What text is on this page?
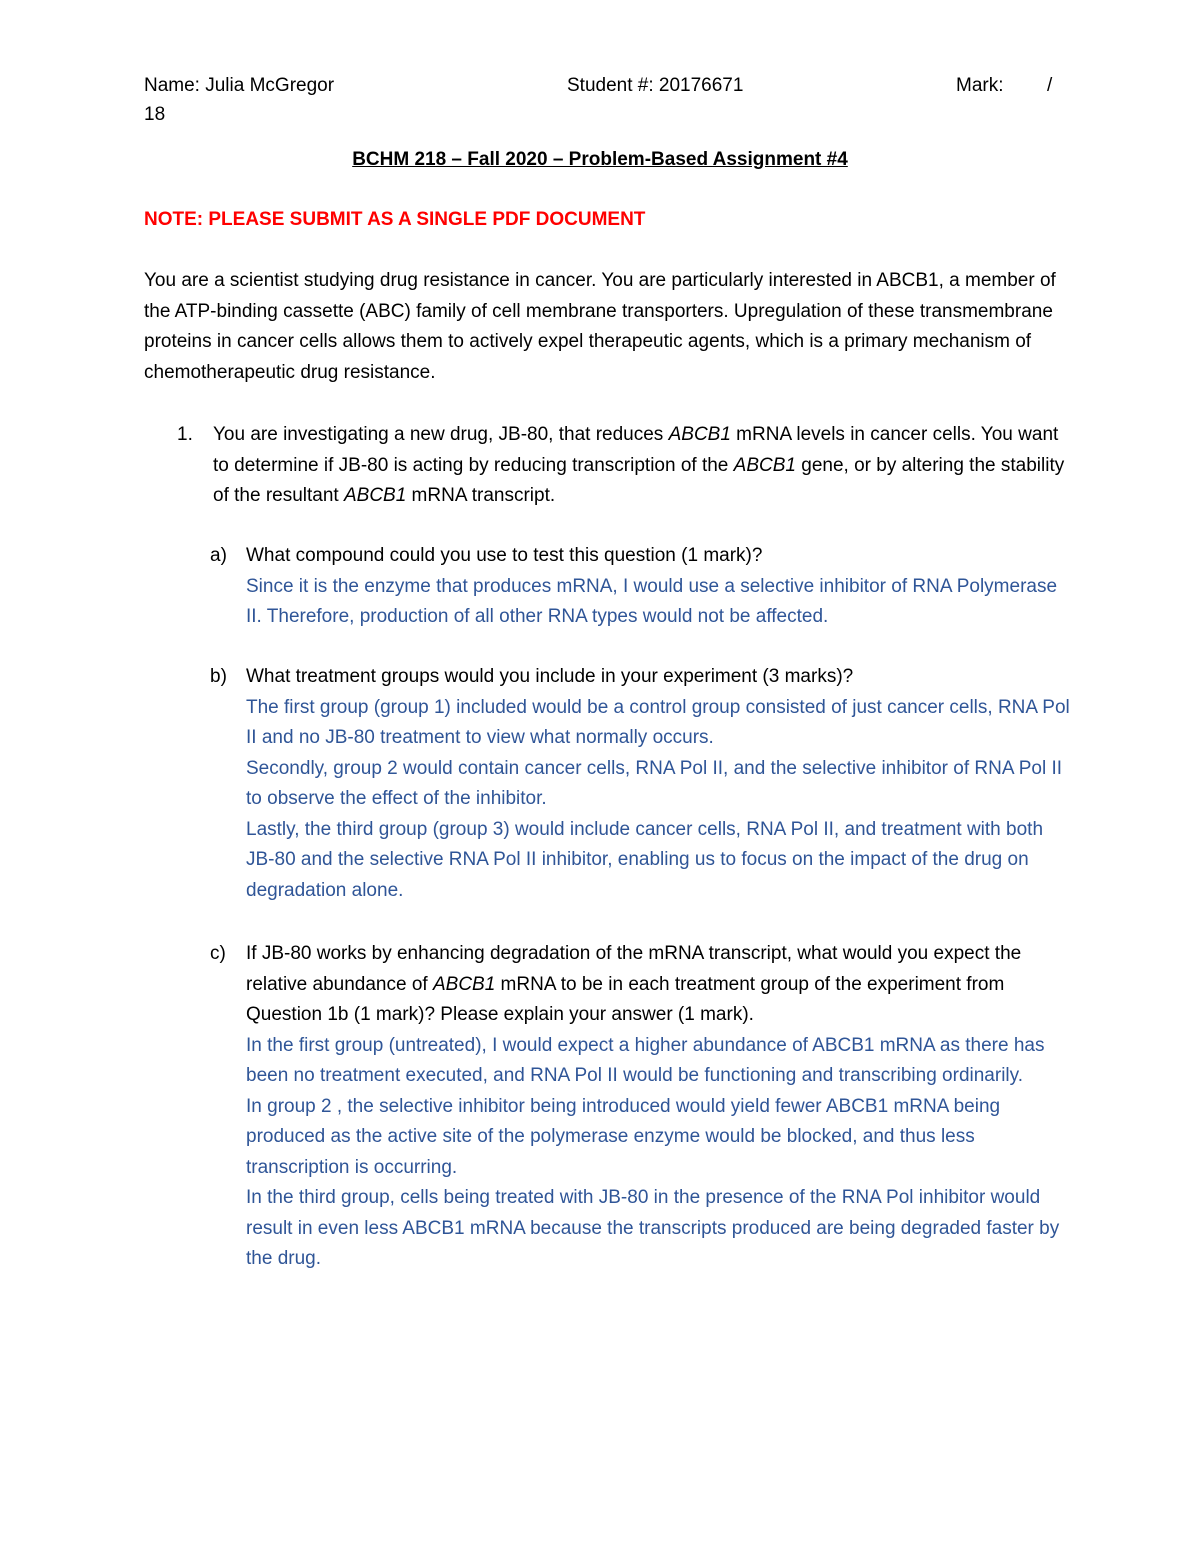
Name: Julia McGregor	Student #: 20176671	Mark: /
18
BCHM 218 – Fall 2020 – Problem-Based Assignment #4
NOTE: PLEASE SUBMIT AS A SINGLE PDF DOCUMENT
You are a scientist studying drug resistance in cancer. You are particularly interested in ABCB1, a member of the ATP-binding cassette (ABC) family of cell membrane transporters. Upregulation of these transmembrane proteins in cancer cells allows them to actively expel therapeutic agents, which is a primary mechanism of chemotherapeutic drug resistance.
1. You are investigating a new drug, JB-80, that reduces ABCB1 mRNA levels in cancer cells. You want to determine if JB-80 is acting by reducing transcription of the ABCB1 gene, or by altering the stability of the resultant ABCB1 mRNA transcript.
a) What compound could you use to test this question (1 mark)?
Since it is the enzyme that produces mRNA, I would use a selective inhibitor of RNA Polymerase II. Therefore, production of all other RNA types would not be affected.
b) What treatment groups would you include in your experiment (3 marks)?
The first group (group 1) included would be a control group consisted of just cancer cells, RNA Pol II and no JB-80 treatment to view what normally occurs.
Secondly, group 2 would contain cancer cells, RNA Pol II, and the selective inhibitor of RNA Pol II to observe the effect of the inhibitor.
Lastly, the third group (group 3) would include cancer cells, RNA Pol II, and treatment with both JB-80 and the selective RNA Pol II inhibitor, enabling us to focus on the impact of the drug on degradation alone.
c) If JB-80 works by enhancing degradation of the mRNA transcript, what would you expect the relative abundance of ABCB1 mRNA to be in each treatment group of the experiment from Question 1b (1 mark)? Please explain your answer (1 mark).
In the first group (untreated), I would expect a higher abundance of ABCB1 mRNA as there has been no treatment executed, and RNA Pol II would be functioning and transcribing ordinarily.
In group 2 , the selective inhibitor being introduced would yield fewer ABCB1 mRNA being produced as the active site of the polymerase enzyme would be blocked, and thus less transcription is occurring.
In the third group, cells being treated with JB-80 in the presence of the RNA Pol inhibitor would result in even less ABCB1 mRNA because the transcripts produced are being degraded faster by the drug.
